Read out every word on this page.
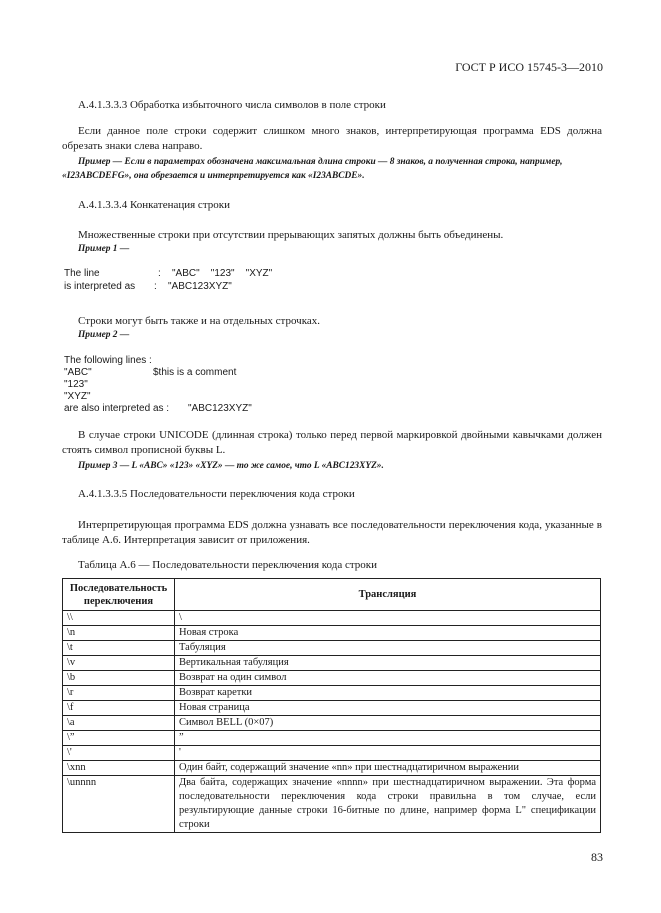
ГОСТ Р ИСО 15745-3—2010
А.4.1.3.3.3 Обработка избыточного числа символов в поле строки
Если данное поле строки содержит слишком много знаков, интерпретирующая программа EDS должна обрезать знаки слева направо.
Пример — Если в параметрах обозначена максимальная длина строки — 8 знаков, а полученная строка, например,
«I23ABCDEFG», она обрезается и интерпретируется как «I23ABCDE».
А.4.1.3.3.4 Конкатенация строки
Множественные строки при отсутствии прерывающих запятых должны быть объединены.
Пример 1 —
The line	: "ABC"    "123"    "XYZ"
is interpreted as : "ABC123XYZ"
Строки могут быть также и на отдельных строчках.
Пример 2 —
The following lines :
"ABC"	$this is a comment
"123"
"XYZ"
are also interpreted as : "ABC123XYZ"
В случае строки UNICODE (длинная строка) только перед первой маркировкой двойными кавычками должен стоять символ прописной буквы L.
Пример 3 — L «ABC» «123» «XYZ» — то же самое, что L «ABC123XYZ».
А.4.1.3.3.5 Последовательности переключения кода строки
Интерпретирующая программа EDS должна узнавать все последовательности переключения кода, указанные в таблице А.6. Интерпретация зависит от приложения.
Таблица А.6 — Последовательности переключения кода строки
Последовательность переключения	Трансляция
\\	\
\n	Новая строка
\t	Табуляция
\v	Вертикальная табуляция
\b	Возврат на один символ
\r	Возврат каретки
\f	Новая страница
\a	Символ BELL (0×07)
\”	”
\'	'
\xnn	Один байт, содержащий значение «nn» при шестнадцатиричном выражении
\unnnn	Два байта, содержащих значение «nnnn» при шестнадцатиричном выражении. Эта форма последовательности переключения кода строки правильна в том случае, если результирующие данные строки 16-битные по длине, например форма L" спецификации строки
83
